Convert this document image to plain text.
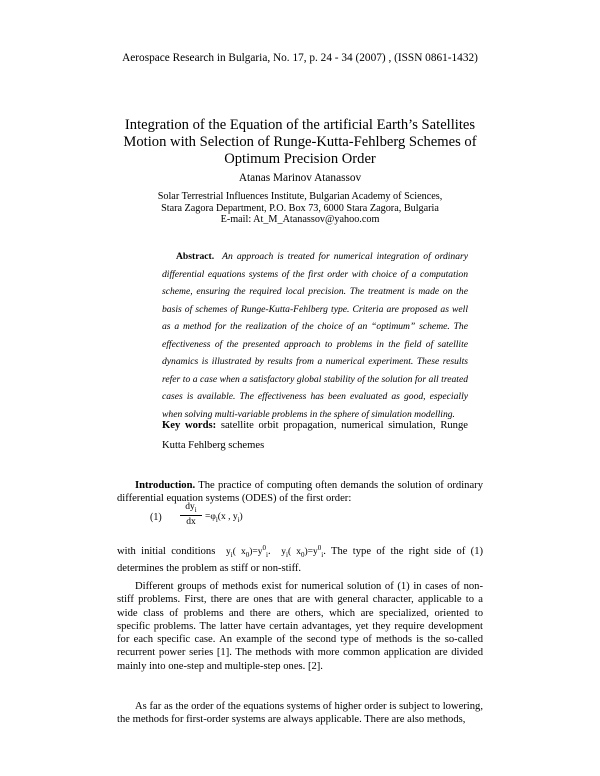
Aerospace Research in Bulgaria, No. 17, p. 24 - 34 (2007) , (ISSN 0861-1432)
Integration of the Equation of the artificial Earth’s Satellites
Motion with Selection of Runge-Kutta-Fehlberg Schemes of
Optimum Precision Order
Atanas Marinov Atanassov
Solar Terrestrial Influences Institute, Bulgarian Academy of Sciences,
Stara Zagora Department, P.O. Box 73, 6000 Stara Zagora, Bulgaria
E-mail: At_M_Atanassov@yahoo.com
Abstract. An approach is treated for numerical integration of ordinary differential equations systems of the first order with choice of a computation scheme, ensuring the required local precision. The treatment is made on the basis of schemes of Runge-Kutta-Fehlberg type. Criteria are proposed as well as a method for the realization of the choice of an “optimum” scheme. The effectiveness of the presented approach to problems in the field of satellite dynamics is illustrated by results from a numerical experiment. These results refer to a case when a satisfactory global stability of the solution for all treated cases is available. The effectiveness has been evaluated as good, especially when solving multi-variable problems in the sphere of simulation modelling.
Key words: satellite orbit propagation, numerical simulation, Runge Kutta Fehlberg schemes
Introduction. The practice of computing often demands the solution of ordinary differential equation systems (ODES) of the first order:
(1)
$dy_i$
dx $=\varphi_i(x$ , $y_i$)
with initial conditions $y_i$( $x_0)=y^0_i$. $y_i$( $x_0)=y^0_i$. The type of the right side of (1) determines the problem as stiff or non-stiff.
Different groups of methods exist for numerical solution of (1) in cases of non-stiff problems. First, there are ones that are with general character, applicable to a wide class of problems and there are others, which are specialized, oriented to specific problems. The latter have certain advantages, yet they require development for each specific case. An example of the second type of methods is the so-called recurrent power series [1]. The methods with more common application are divided mainly into one-step and multiple-step ones. [2].
As far as the order of the equations systems of higher order is subject to lowering, the methods for first-order systems are always applicable. There are also methods,
